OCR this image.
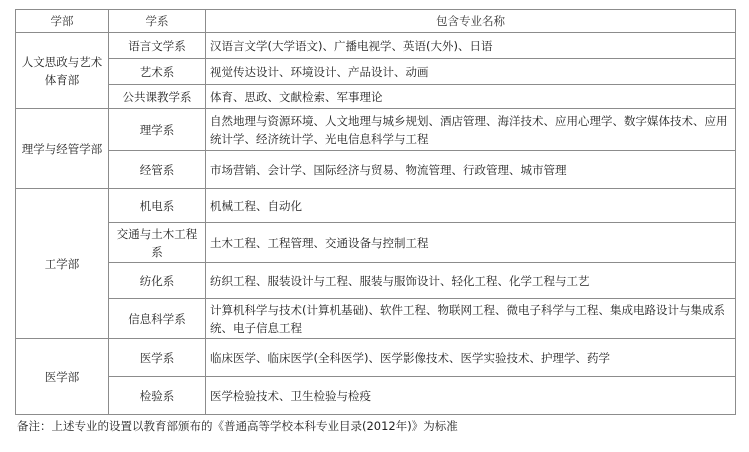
学部	学系	包含专业名称
人文思政与艺术体育部	语言文学系	汉语言文学(大学语文)、广播电视学、英语(大外)、日语
	艺术系	视觉传达设计、环境设计、产品设计、动画
	公共课教学系	体育、思政、文献检索、军事理论
理学与经管学部	理学系	自然地理与资源环境、人文地理与城乡规划、酒店管理、海洋技术、应用心理学、数字媒体技术、应用统计学、经济统计学、光电信息科学与工程
	经管系	市场营销、会计学、国际经济与贸易、物流管理、行政管理、城市管理
工学部	机电系	机械工程、自动化
	交通与土木工程系	土木工程、工程管理、交通设备与控制工程
	纺化系	纺织工程、服装设计与工程、服装与服饰设计、轻化工程、化学工程与工艺
	信息科学系	计算机科学与技术(计算机基础)、软件工程、物联网工程、微电子科学与工程、集成电路设计与集成系统、电子信息工程
医学部	医学系	临床医学、临床医学(全科医学)、医学影像技术、医学实验技术、护理学、药学
	检验系	医学检验技术、卫生检验与检疫
备注：上述专业的设置以教育部颁布的《普通高等学校本科专业目录(2012年)》为标准
